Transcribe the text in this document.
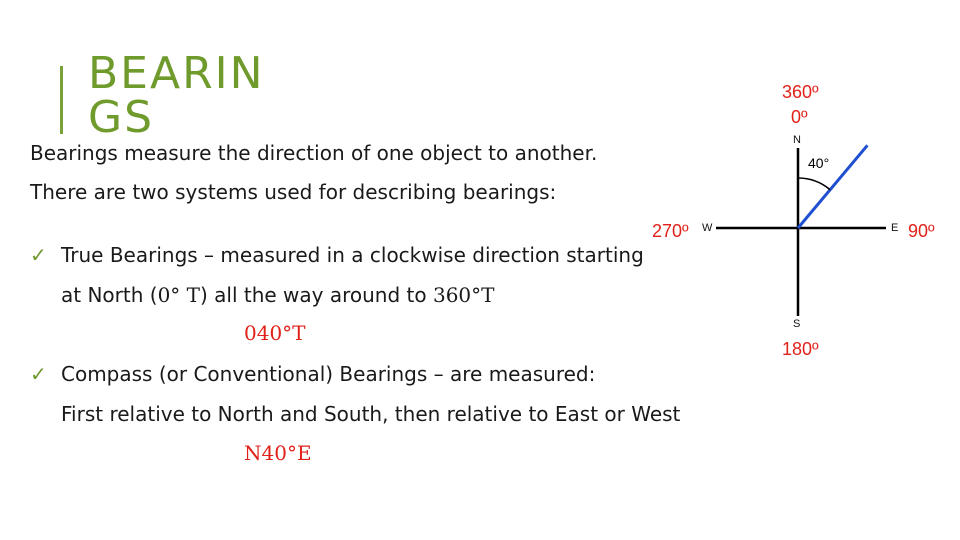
BEARINGS
Bearings measure the direction of one object to another.
There are two systems used for describing bearings:
✓ True Bearings – measured in a clockwise direction starting
at North (0° T) all the way around to 360°T
040°T
✓ Compass (or Conventional) Bearings – are measured:
First relative to North and South, then relative to East or West
N40°E
N
S
W	E
360º
0º
90º
180º
270º
40°
